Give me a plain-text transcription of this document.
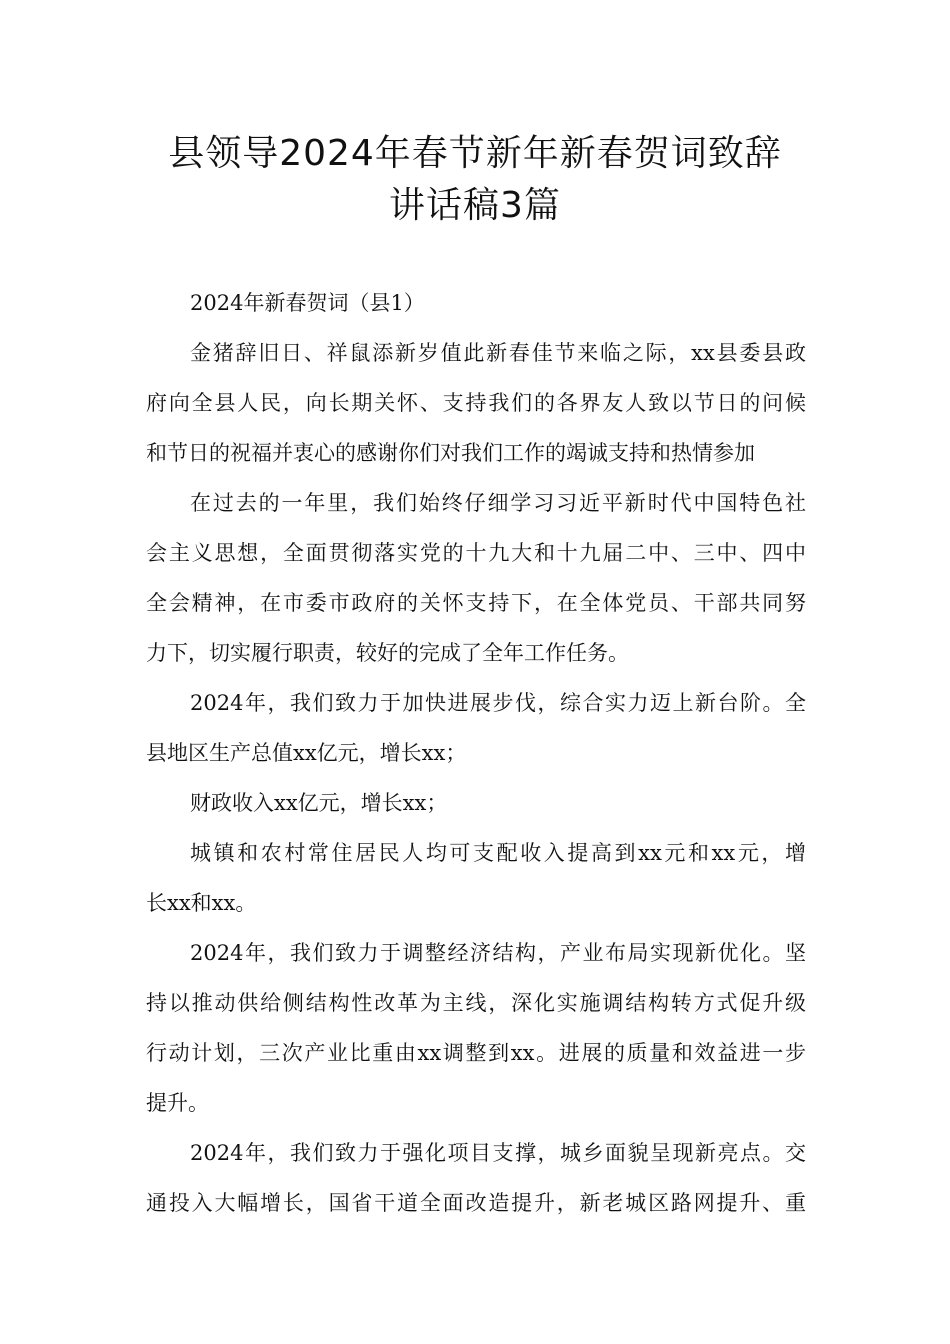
县领导2024年春节新年新春贺词致辞
讲话稿3篇
2024年新春贺词（县1）
金猪辞旧日、祥鼠添新岁值此新春佳节来临之际，xx县委县政
府向全县人民，向长期关怀、支持我们的各界友人致以节日的问候
和节日的祝福并衷心的感谢你们对我们工作的竭诚支持和热情参加
在过去的一年里，我们始终仔细学习习近平新时代中国特色社
会主义思想，全面贯彻落实党的十九大和十九届二中、三中、四中
全会精神，在市委市政府的关怀支持下，在全体党员、干部共同努
力下，切实履行职责，较好的完成了全年工作任务。
2024年，我们致力于加快进展步伐，综合实力迈上新台阶。全
县地区生产总值xx亿元，增长xx；
财政收入xx亿元，增长xx；
城镇和农村常住居民人均可支配收入提高到xx元和xx元，增
长xx和xx。
2024年，我们致力于调整经济结构，产业布局实现新优化。坚
持以推动供给侧结构性改革为主线，深化实施调结构转方式促升级
行动计划，三次产业比重由xx调整到xx。进展的质量和效益进一步
提升。
2024年，我们致力于强化项目支撑，城乡面貌呈现新亮点。交
通投入大幅增长，国省干道全面改造提升，新老城区路网提升、重
